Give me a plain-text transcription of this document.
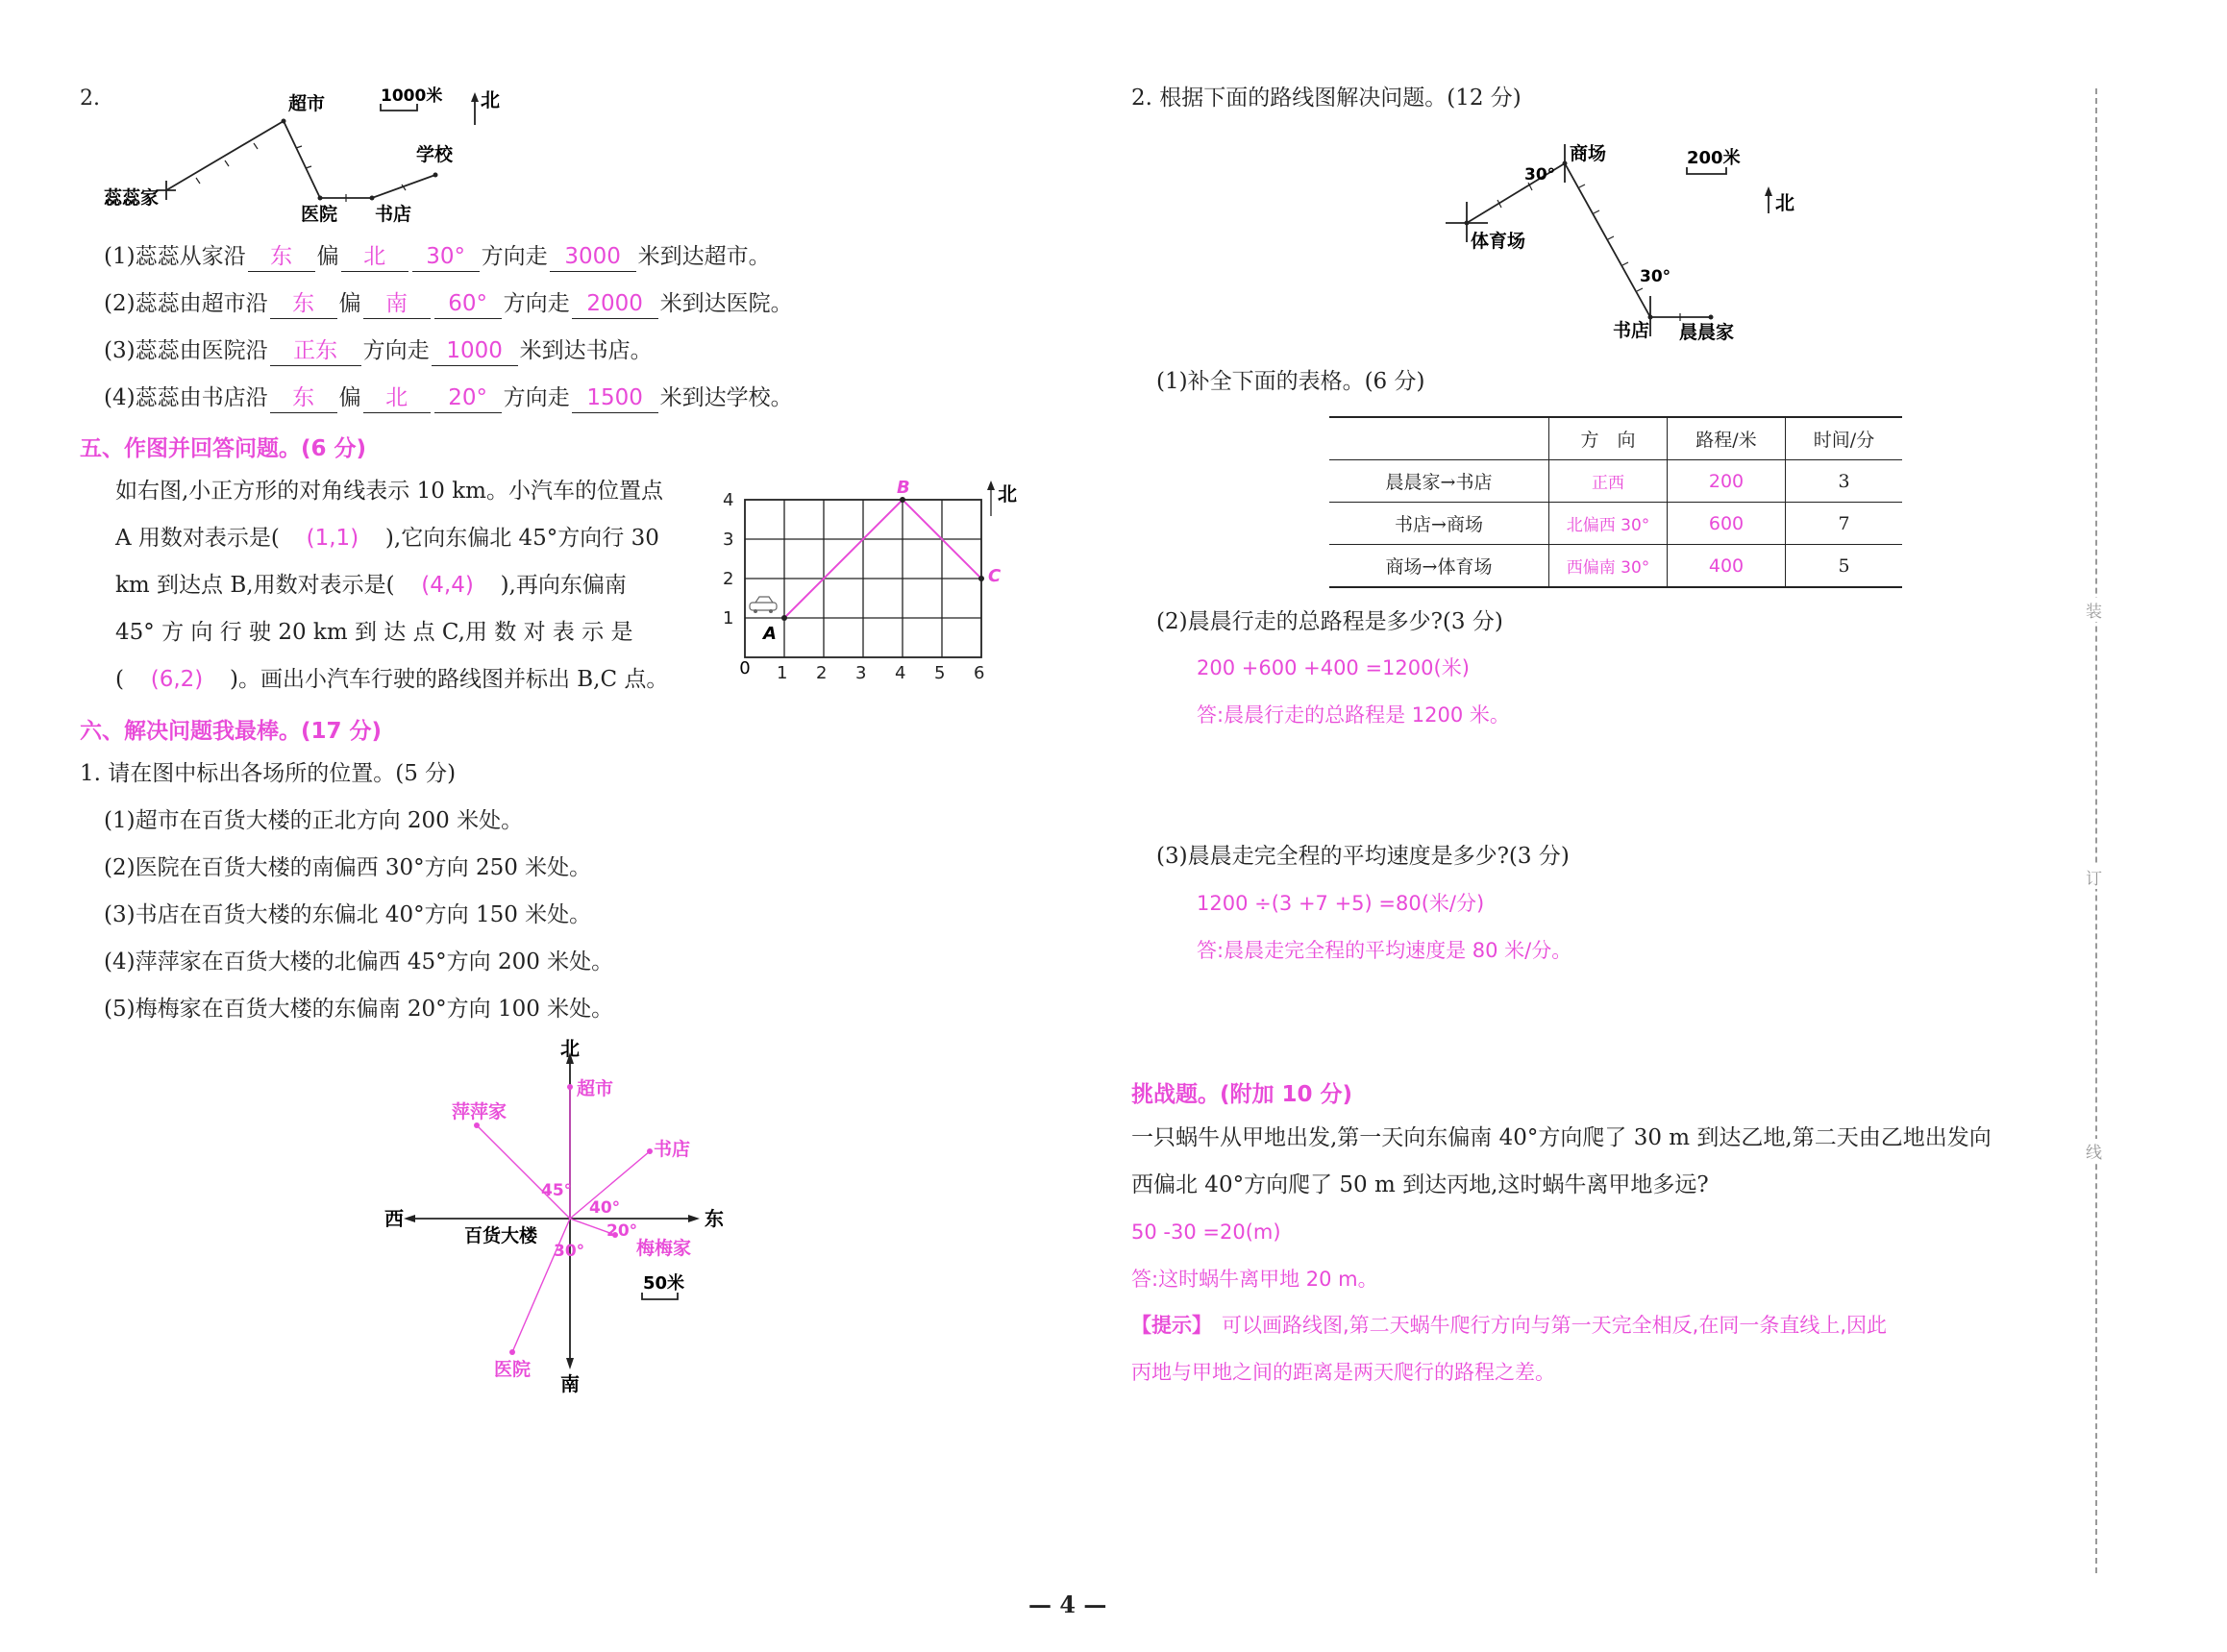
2.	超市	1000米 北
学校
蕊蕊家
医院 书店
(1)蕊蕊从家沿 东 偏 北 30° 方向走 3000 米到达超市。
(2)蕊蕊由超市沿 东 偏 南 60° 方向走 2000 米到达医院。
(3)蕊蕊由医院沿 正东 方向走 1000 米到达书店。
(4)蕊蕊由书店沿 东 偏 北 20° 方向走 1500 米到达学校。
五、作图并回答问题。(6 分)
如右图,小正方形的对角线表示 10 km。小汽车的位置点
A 用数对表示是( (1,1) ),它向东偏北 45°方向行 30
km 到达点 B,用数对表示是( (4,4) ),再向东偏南
45° 方 向 行 驶 20 km 到 达 点 C,用 数 对 表 示 是
( (6,2) )。画出小汽车行驶的路线图并标出 B,C 点。
A
B
C
北
0 1 2 3 4 5 6
4
3
2
1
六、解决问题我最棒。(17 分)
1. 请在图中标出各场所的位置。(5 分)
(1)超市在百货大楼的正北方向 200 米处。
(2)医院在百货大楼的南偏西 30°方向 250 米处。
(3)书店在百货大楼的东偏北 40°方向 150 米处。
(4)萍萍家在百货大楼的北偏西 45°方向 200 米处。
(5)梅梅家在百货大楼的东偏南 20°方向 100 米处。
北
南
东
西
百货大楼
超市
萍萍家
书店
梅梅家
医院
45°
40°
20°
30°
50米
2. 根据下面的路线图解决问题。(12 分)
商场
30°
200米
北
体育场
30°
书店 晨晨家
(1)补全下面的表格。(6 分)
	方　向	路程/米	时间/分
晨晨家→书店	正西	200	3
书店→商场	北偏西 30°	600	7
商场→体育场	西偏南 30°	400	5
(2)晨晨行走的总路程是多少?(3 分)
200 +600 +400 =1200(米)
答:晨晨行走的总路程是 1200 米。
(3)晨晨走完全程的平均速度是多少?(3 分)
1200 ÷(3 +7 +5) =80(米/分)
答:晨晨走完全程的平均速度是 80 米/分。
挑战题。(附加 10 分)
一只蜗牛从甲地出发,第一天向东偏南 40°方向爬了 30 m 到达乙地,第二天由乙地出发向
西偏北 40°方向爬了 50 m 到达丙地,这时蜗牛离甲地多远?
50 -30 =20(m)
答:这时蜗牛离甲地 20 m。
【提示】 可以画路线图,第二天蜗牛爬行方向与第一天完全相反,在同一条直线上,因此
丙地与甲地之间的距离是两天爬行的路程之差。
装
订
线
— 4 —
